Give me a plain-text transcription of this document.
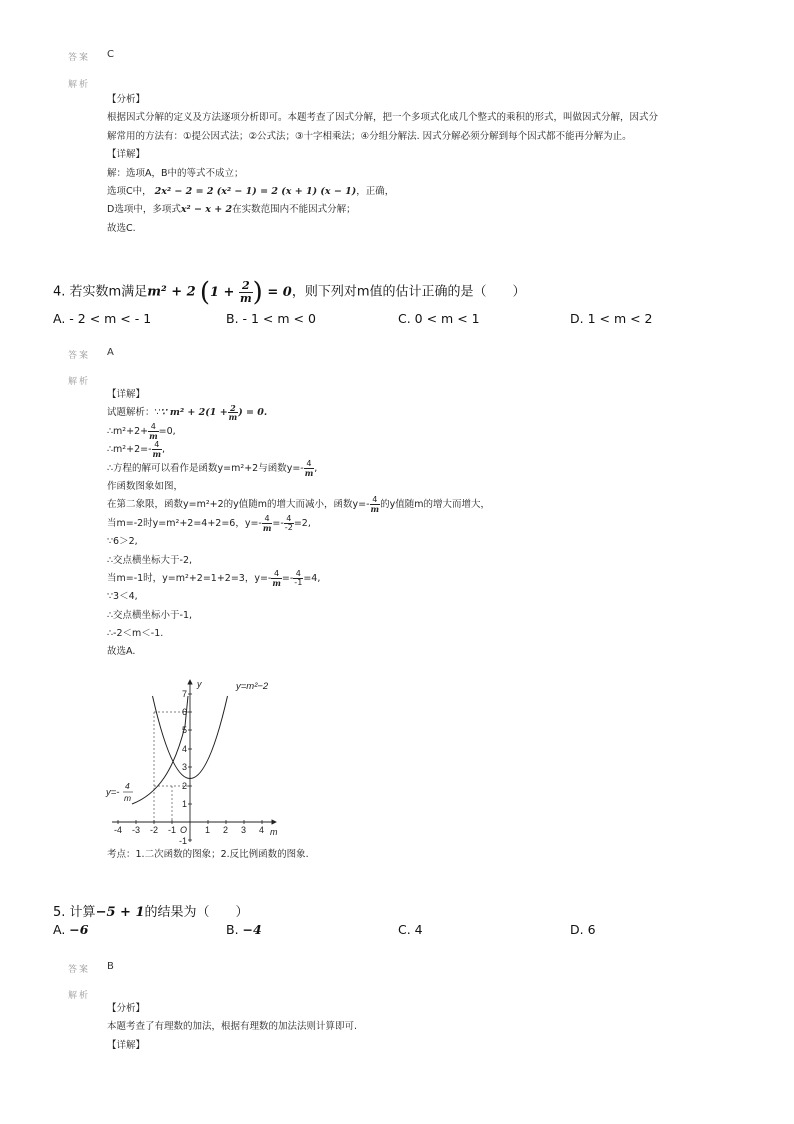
答案 C
解析
【分析】
根据因式分解的定义及方法逐项分析即可。本题考查了因式分解，把一个多项式化成几个整式的乘积的形式，叫做因式分解，因式分
解常用的方法有：①提公因式法；②公式法；③十字相乘法；④分组分解法. 因式分解必须分解到每个因式都不能再分解为止。
【详解】
解：选项A，B中的等式不成立；
选项C中， 2x² − 2 = 2 (x² − 1) = 2 (x + 1) (x − 1)，正确，
D选项中，多项式x² − x + 2在实数范围内不能因式分解；
故选C.
4. 若实数m满足m² + 2 ($1 + \frac{2}{m}$ ) = 0，则下列对m值的估计正确的是（　　）
A. - 2 < m < - 1	B. - 1 < m < 0	C. 0 < m < 1	D. 1 < m < 2
答案 A
解析
【详解】
试题解析：∵∵ $m^2 + 2(1 + \frac{2}{m}$ ) = 0.
∴m²+2+ $\frac{4}{m} =0$,
∴m²+2=- $\frac{4}{m}$ ,
∴方程的解可以看作是函数y=m²+2与函数$y=- \frac{4}{m}$ ,
作函数图象如图，
在第二象限，函数y=m²+2的y值随m的增大而减小，函数$y=- \frac{4}{m}$ 的y值随m的增大而增大，
当m=-2时y=m²+2=4+2=6，$y=- \frac{4}{m} =- \frac{4}{-2} =2$,
∵6＞2,
∴交点横坐标大于-2,
当m=-1时，y=m²+2=1+2=3，$y=- \frac{4}{m} =- \frac{4}{-1} =4$,
∵3＜4,
∴交点横坐标小于-1,
∴-2＜m＜-1.
故选A.
-4 -3 -2 -1	1 2 3 4
7
6
5
4
3
2
1
-1
O
y
m
y=m²−2
y=-
4
m
考点：1.二次函数的图象；2.反比例函数的图象.
5. 计算−5 + 1的结果为（　　）
A. −6	B. −4	C. 4	D. 6
答案 B
解析
【分析】
本题考查了有理数的加法，根据有理数的加法法则计算即可.
【详解】
